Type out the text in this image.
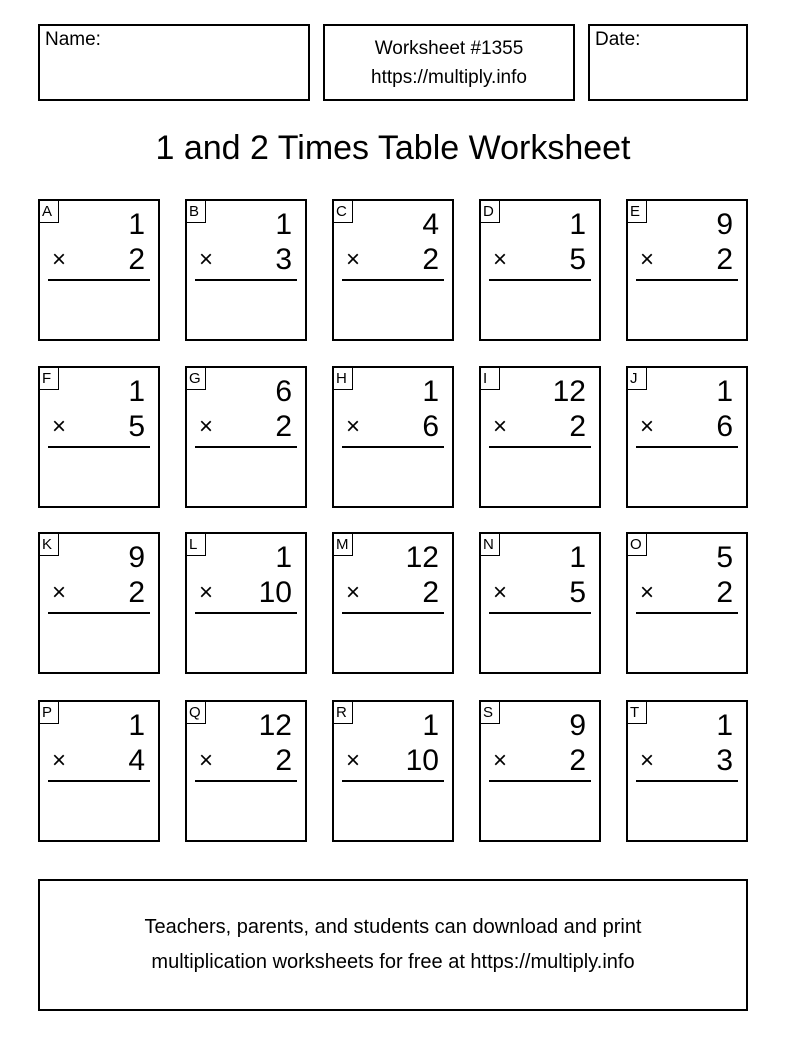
Name:	Worksheet #1355
https://multiply.info
Date:
1 and 2 Times Table Worksheet
A	1
× 2
B	1
× 3
C	4
× 2
D	1
× 5
E	9
× 2
F	1
× 5
G 6
× 2
H	1
× 6
I	12
× 2
J	1
× 6
K	9
× 2
L	1
× 10
M 12
× 2
N	1
× 5
O 5
× 2
P	1
× 4
Q 12
× 2
R	1
× 10
S	9
× 2
T	1
× 3
Teachers, parents, and students can download and print
multiplication worksheets for free at https://multiply.info
